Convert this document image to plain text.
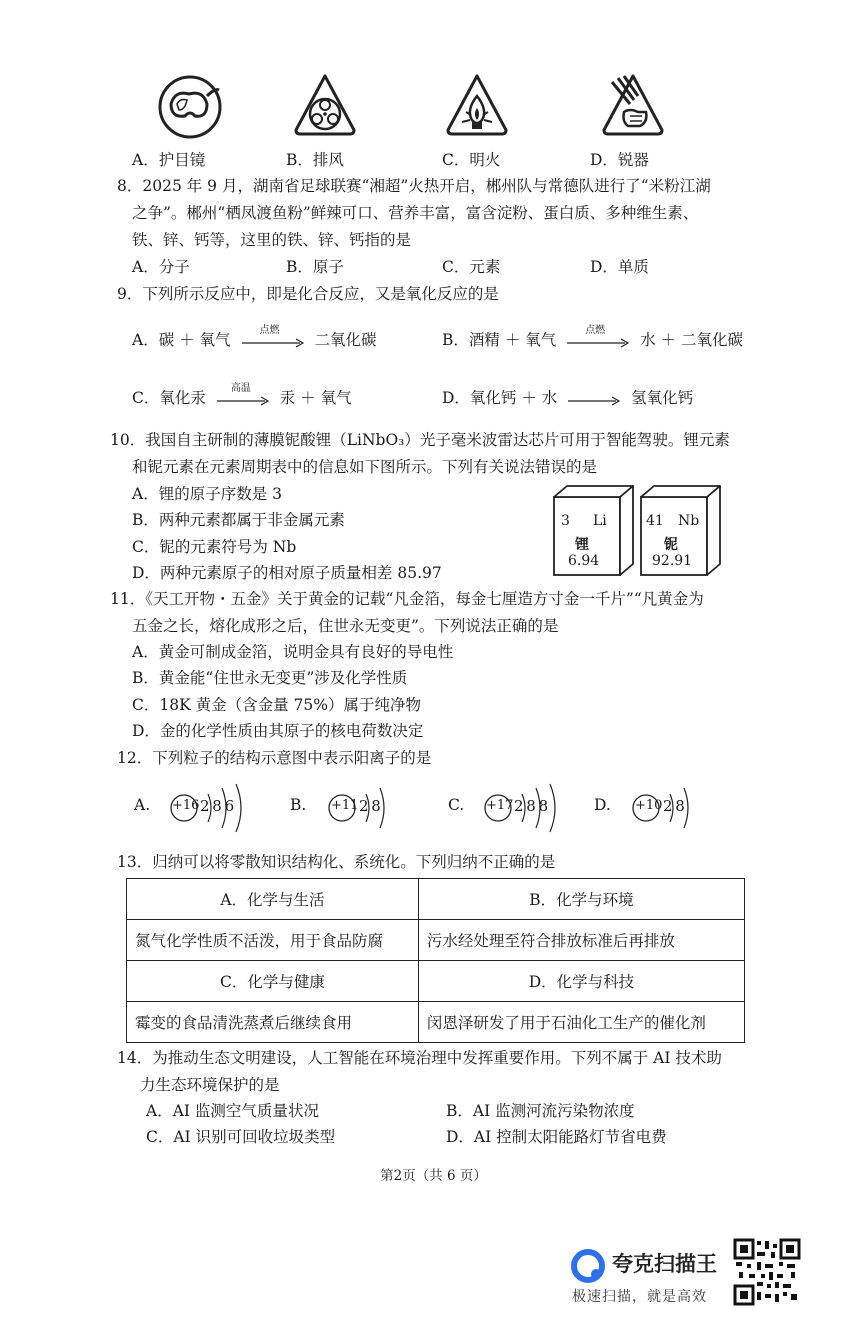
A．护目镜	B．排风	C．明火	D．锐器
8．2025 年 9 月，湖南省足球联赛“湘超”火热开启，郴州队与常德队进行了“米粉江湖
之争”。郴州“栖凤渡鱼粉”鲜辣可口、营养丰富，富含淀粉、蛋白质、多种维生素、
铁、锌、钙等，这里的铁、锌、钙指的是
A．分子	B．原子	C．元素	D．单质
9．下列所示反应中，即是化合反应，又是氧化反应的是
A．碳 ＋ 氧气
点燃
二氧化碳	B．酒精 ＋ 氧气
点燃
水 ＋ 二氧化碳
C．氧化汞
高温
汞 ＋ 氧气	D．氧化钙 ＋ 水 → 氢氧化钙
10．我国自主研制的薄膜铌酸锂（LiNbO₃）光子毫米波雷达芯片可用于智能驾驶。锂元素
和铌元素在元素周期表中的信息如下图所示。下列有关说法错误的是
A．锂的原子序数是 3
B．两种元素都属于非金属元素
C．铌的元素符号为 Nb
D．两种元素原子的相对原子质量相差 85.97
3 Li
锂
6.94
41 Nb
铌
92.91
11．《天工开物・五金》关于黄金的记载“凡金箔，每金七厘造方寸金一千片”“凡黄金为
五金之长，熔化成形之后，住世永无变更”。下列说法正确的是
A．黄金可制成金箔，说明金具有良好的导电性
B．黄金能“住世永无变更”涉及化学性质
C．18K 黄金（含金量 75%）属于纯净物
D．金的化学性质由其原子的核电荷数决定
12．下列粒子的结构示意图中表示阳离子的是
A. +16 2 8 6	B. +11 2 8	C. +17 2 8 8	D. +10 2 8
13．归纳可以将零散知识结构化、系统化。下列归纳不正确的是
A．化学与生活	B．化学与环境
氮气化学性质不活泼，用于食品防腐	污水经处理至符合排放标准后再排放
C．化学与健康	D．化学与科技
霉变的食品清洗蒸煮后继续食用	闵恩泽研发了用于石油化工生产的催化剂
14．为推动生态文明建设，人工智能在环境治理中发挥重要作用。下列不属于 AI 技术助
力生态环境保护的是
A．AI 监测空气质量状况	B．AI 监测河流污染物浓度
C．AI 识别可回收垃圾类型	D．AI 控制太阳能路灯节省电费
第2页（共 6 页）
夸克扫描王
极速扫描，就是高效
